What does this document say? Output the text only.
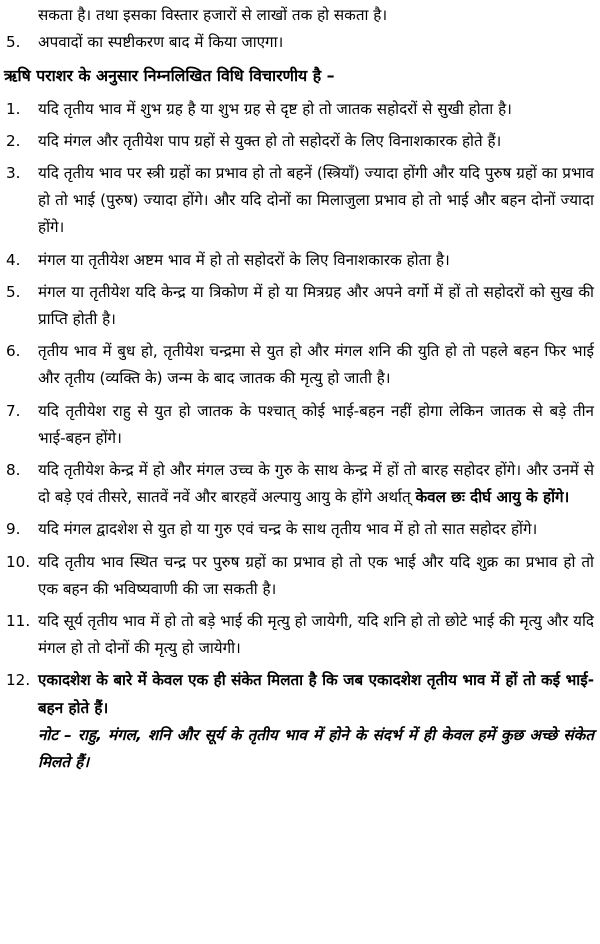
सकता है। तथा इसका विस्तार हजारों से लाखों तक हो सकता है।
5.	अपवादों का स्पष्टीकरण बाद में किया जाएगा।
ऋषि पराशर के अनुसार निम्नलिखित विधि विचारणीय है –
1.	यदि तृतीय भाव में शुभ ग्रह है या शुभ ग्रह से दृष्ट हो तो जातक सहोदरों से सुखी होता है।
2.	यदि मंगल और तृतीयेश पाप ग्रहों से युक्त हो तो सहोदरों के लिए विनाशकारक होते हैं।
3.	यदि तृतीय भाव पर स्त्री ग्रहों का प्रभाव हो तो बहनें (स्त्रियाँ) ज्यादा होंगी और यदि पुरुष ग्रहों का प्रभाव हो तो भाई (पुरुष) ज्यादा होंगे। और यदि दोनों का मिलाजुला प्रभाव हो तो भाई और बहन दोनों ज्यादा होंगे।
4.	मंगल या तृतीयेश अष्टम भाव में हो तो सहोदरों के लिए विनाशकारक होता है।
5.	मंगल या तृतीयेश यदि केन्द्र या त्रिकोण में हो या मित्रग्रह और अपने वर्गो में हों तो सहोदरों को सुख की प्राप्ति होती है।
6.	तृतीय भाव में बुध हो, तृतीयेश चन्द्रमा से युत हो और मंगल शनि की युति हो तो पहले बहन फिर भाई और तृतीय (व्यक्ति के) जन्म के बाद जातक की मृत्यु हो जाती है।
7.	यदि तृतीयेश राहु से युत हो जातक के पश्चात् कोई भाई-बहन नहीं होगा लेकिन जातक से बड़े तीन भाई-बहन होंगे।
8.	यदि तृतीयेश केन्द्र में हो और मंगल उच्च के गुरु के साथ केन्द्र में हों तो बारह सहोदर होंगे। और उनमें से दो बड़े एवं तीसरे, सातवें नवें और बारहवें अल्पायु आयु के होंगे अर्थात् केवल छः दीर्घ आयु के होंगे।
9.	यदि मंगल द्वादशेश से युत हो या गुरु एवं चन्द्र के साथ तृतीय भाव में हो तो सात सहोदर होंगे।
10. यदि तृतीय भाव स्थित चन्द्र पर पुरुष ग्रहों का प्रभाव हो तो एक भाई और यदि शुक्र का प्रभाव हो तो एक बहन की भविष्यवाणी की जा सकती है।
11. यदि सूर्य तृतीय भाव में हो तो बड़े भाई की मृत्यु हो जायेगी, यदि शनि हो तो छोटे भाई की मृत्यु और यदि मंगल हो तो दोनों की मृत्यु हो जायेगी।
12. एकादशेश के बारे में केवल एक ही संकेत मिलता है कि जब एकादशेश तृतीय भाव में हों तो कई भाई-बहन होते हैं।
नोट – राहु, मंगल, शनि और सूर्य के तृतीय भाव में होने के संदर्भ में ही केवल हमें कुछ अच्छे संकेत मिलते हैं।
